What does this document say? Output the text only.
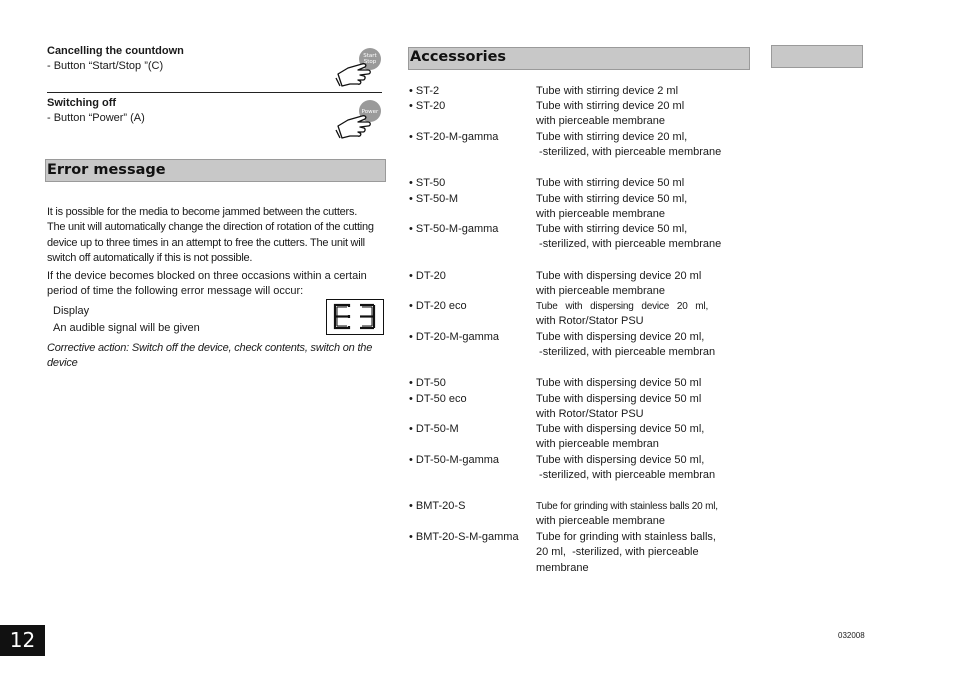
Cancelling the countdown
- Button “Start/Stop ”(C)
Start
Stop
Switching off
- Button “Power” (A)	Power
Error message

It is possible for the media to become jammed between the cutters.

The unit will automatically change the direction of rotation of the cutting

device up to three times in an attempt to free the cutters. The unit will

switch off automatically if this is not possible.

If the device becomes blocked on three occasions within a certain

period of time the following error message will occur:

Display
An audible signal will be given

Corrective action: Switch off the device, check contents, switch on the

device

Accessories
• ST-2	Tube with stirring device 2 ml
• ST-20	Tube with stirring device 20 ml
with pierceable membrane
• ST-20-M-gamma	Tube with stirring device 20 ml,
-sterilized, with pierceable membrane
• ST-50	Tube with stirring device 50 ml
• ST-50-M	Tube with stirring device 50 ml,
with pierceable membrane
• ST-50-M-gamma	Tube with stirring device 50 ml,
-sterilized, with pierceable membrane
• DT-20	Tube with dispersing device 20 ml
with pierceable membrane
• DT-20 eco	Tube   with   dispersing   device   20   ml,
with Rotor/Stator PSU
• DT-20-M-gamma	Tube with dispersing device 20 ml,
-sterilized, with pierceable membran
• DT-50	Tube with dispersing device 50 ml
• DT-50 eco	Tube with dispersing device 50 ml
with Rotor/Stator PSU
• DT-50-M	Tube with dispersing device 50 ml,
with pierceable membran
• DT-50-M-gamma	Tube with dispersing device 50 ml,
-sterilized, with pierceable membran
• BMT-20-S	Tube for grinding with stainless balls 20 ml,
with pierceable membrane
• BMT-20-S-M-gamma Tube for grinding with stainless balls,
20 ml,  -sterilized, with pierceable
membrane
032008
12
